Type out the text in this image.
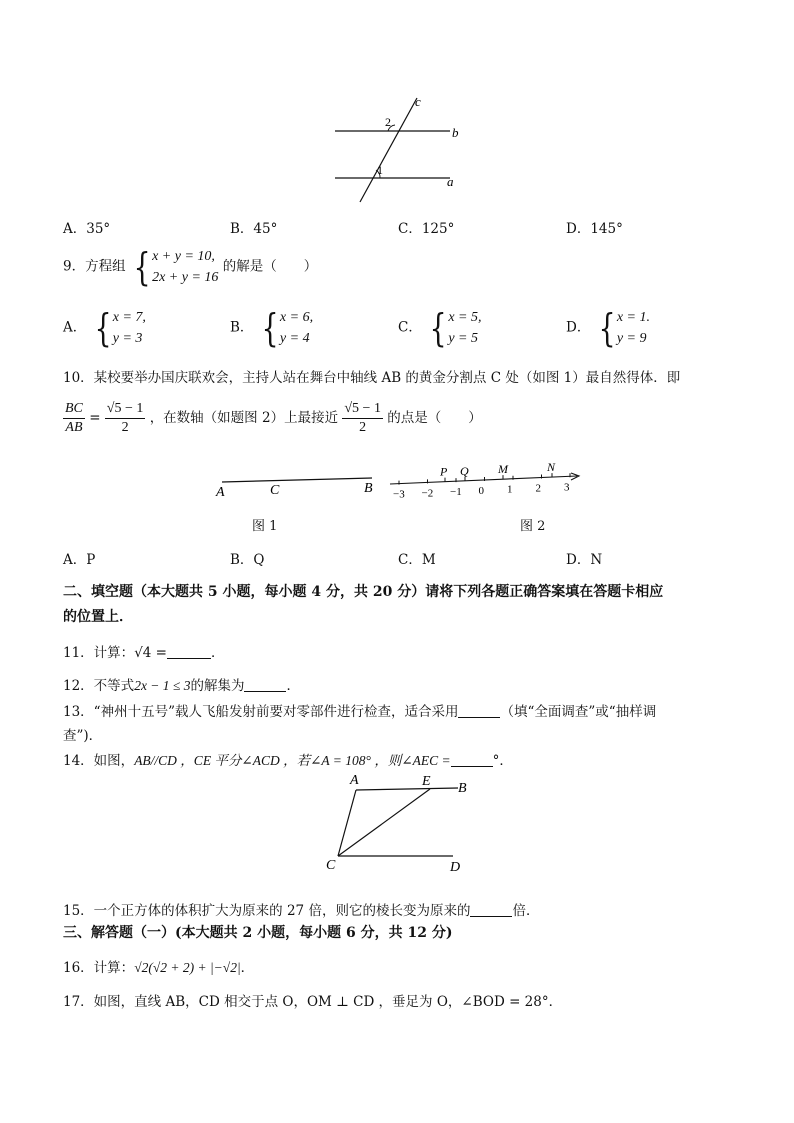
c
b
a
1
2
A．35°	B．45°	C．125°	D．145°
9．方程组 { x + y = 10,
2x + y = 16
的解是（　　）
A． { x = 7,
y = 3
B． { x = 6,
y = 4
C． { x = 5,
y = 5
D． { x = 1.
y = 9
10．某校要举办国庆联欢会，主持人站在舞台中轴线 AB 的黄金分割点 C 处（如图 1）最自然得体．即
$\frac{BC}{AB} = \frac{√5 - 1}{2}$ ，在数轴（如题图 2）上最接近 $\frac{√5 - 1}{2}$ 的点是（　　）
A	C	B
图 1
−3 −2 −1 0 1 2 3
P Q M	N
图 2
A．P	B．Q	C．M	D．N
二、填空题（本大题共 5 小题，每小题 4 分，共 20 分）请将下列各题正确答案填在答题卡相应
的位置上．
11．计算：√4 =	．
12．不等式2x − 1 ≤ 3的解集为	．
13．“神州十五号”载人飞船发射前要对零部件进行检查，适合采用	（填“全面调查”或“抽样调
查”)．
14．如图，AB//CD ，CE 平分∠ACD ，若∠A = 108° ，则∠AEC =	°．
A	E B
C	D
15．一个正方体的体积扩大为原来的 27 倍，则它的棱长变为原来的	倍．
三、解答题（一）(本大题共 2 小题，每小题 6 分，共 12 分)
16．计算：√2(√2 + 2) + |−√2|．
17．如图，直线 AB，CD 相交于点 O，OM ⊥ CD ，垂足为 O，∠BOD = 28°．
